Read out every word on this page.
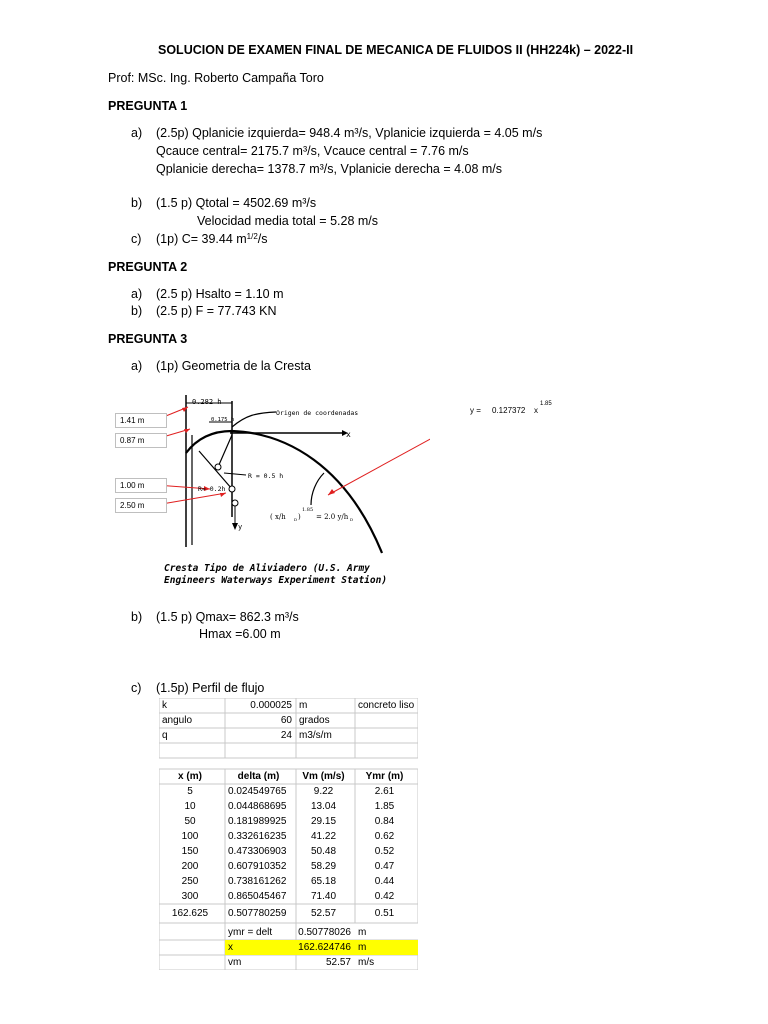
SOLUCION DE EXAMEN FINAL DE MECANICA DE FLUIDOS II (HH224k) – 2022-II
Prof: MSc. Ing. Roberto Campaña Toro
PREGUNTA 1
a) (2.5p) Qplanicie izquierda= 948.4 m³/s, Vplanicie izquierda = 4.05 m/s
Qcauce central= 2175.7 m³/s, Vcauce central = 7.76 m/s
Qplanicie derecha= 1378.7 m³/s, Vplanicie derecha = 4.08 m/s
b) (1.5 p) Qtotal = 4502.69 m³/s
Velocidad media total = 5.28 m/s
c) (1p) C= 39.44 $m^{1/2}/s$
PREGUNTA 2
a) (2.5 p) Hsalto = 1.10 m
b) (2.5 p) F = 77.743 KN
PREGUNTA 3
a) (1p) Geometria de la Cresta
0.282 h
0.175 h
Origen de coordenadas
x
y
R = 0.5 h
R= 0.2h
( x/h D )
1.85
= 2.0 y/h D
Cresta Tipo de Aliviadero (U.S. Army
Engineers Waterways Experiment Station)
1.41 m
0.87 m
1.00 m
2.50 m
y = 0.127372 x
1.85
b) (1.5 p) Qmax= 862.3 m³/s
Hmax =6.00 m
c) (1.5p) Perfil de flujo
k	0.000025 m	concreto liso
angulo	60 grados
q	24 m3/s/m
x (m)	delta (m)	Vm (m/s)	Ymr (m)
5	0.024549765	9.22	2.61
10	0.044868695	13.04	1.85
50	0.181989925	29.15	0.84
100	0.332616235	41.22	0.62
150	0.473306903	50.48	0.52
200	0.607910352	58.29	0.47
250	0.738161262	65.18	0.44
300	0.865045467	71.40	0.42
162.625	0.507780259	52.57	0.51
ymr = delt	0.50778026 m
x	162.624746 m
vm	52.57 m/s
